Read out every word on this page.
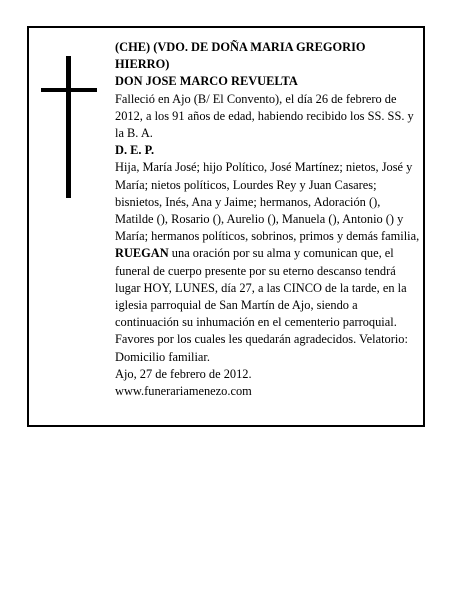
(CHE) (VDO. DE DOÑA MARIA GREGORIO HIERRO)

DON JOSE MARCO REVUELTA

Falleció en Ajo (B/ El Convento), el día 26 de febrero de 2012, a los 91 años de edad, habiendo recibido los SS. SS. y la B. A.

D. E. P.

Hija, María José; hijo Político, José Martínez; nietos, José y María; nietos políticos, Lourdes Rey y Juan Casares; bisnietos, Inés, Ana y Jaime; hermanos, Adoración (), Matilde (), Rosario (), Aurelio (), Manuela (), Antonio () y María; hermanos políticos, sobrinos, primos y demás familia,

RUEGAN una oración por su alma y comunican que, el funeral de cuerpo presente por su eterno descanso tendrá lugar HOY, LUNES, día 27, a las CINCO de la tarde, en la iglesia parroquial de San Martín de Ajo, siendo a continuación su inhumación en el cementerio parroquial. Favores por los cuales les quedarán agradecidos. Velatorio: Domicilio familiar.

Ajo, 27 de febrero de 2012.

www.funerariamenezo.com
